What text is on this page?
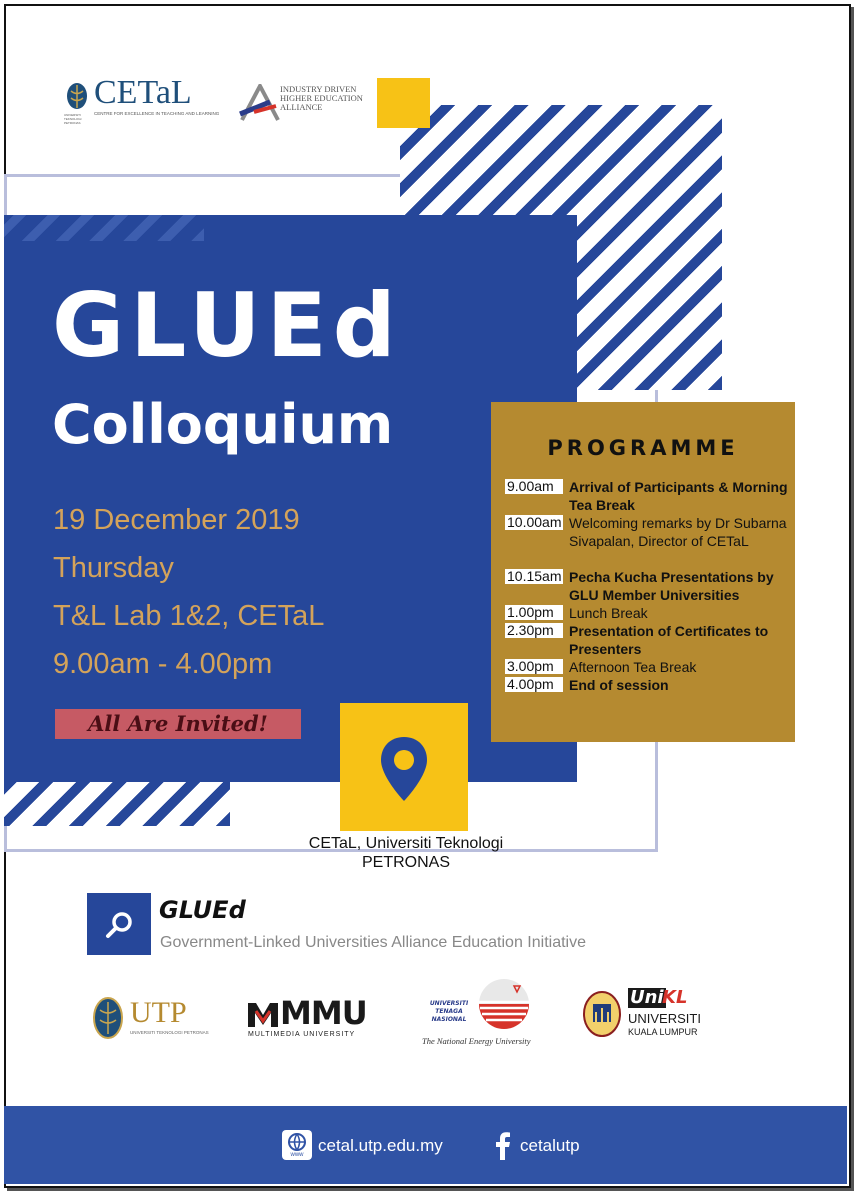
UNIVERSITI TEKNOLOGI PETRONAS
CETaL
CENTRE FOR EXCELLENCE IN TEACHING AND LEARNING
INDUSTRY DRIVEN HIGHER EDUCATION ALLIANCE
GLUEd
Colloquium
19 December 2019
Thursday
T&L Lab 1&2, CETaL
9.00am - 4.00pm
All Are Invited!
CETaL, Universiti Teknologi
PETRONAS
PROGRAMME
9.00am	Arrival of Participants & Morning Tea Break
10.00am Welcoming remarks by Dr Subarna Sivapalan, Director of CETaL
10.15am Pecha Kucha Presentations by GLU Member Universities
1.00pm	Lunch Break
2.30pm	Presentation of Certificates to Presenters
3.00pm	Afternoon Tea Break
4.00pm	End of session
GLUEd
Government-Linked Universities Alliance Education Initiative
UTP
UNIVERSITI TEKNOLOGI PETRONAS
MMU
MULTIMEDIA UNIVERSITY
UNIVERSITI TENAGA NASIONAL
The National Energy University
Uni
KL
UNIVERSITI
KUALA LUMPUR
www cetal.utp.edu.my	cetalutp
